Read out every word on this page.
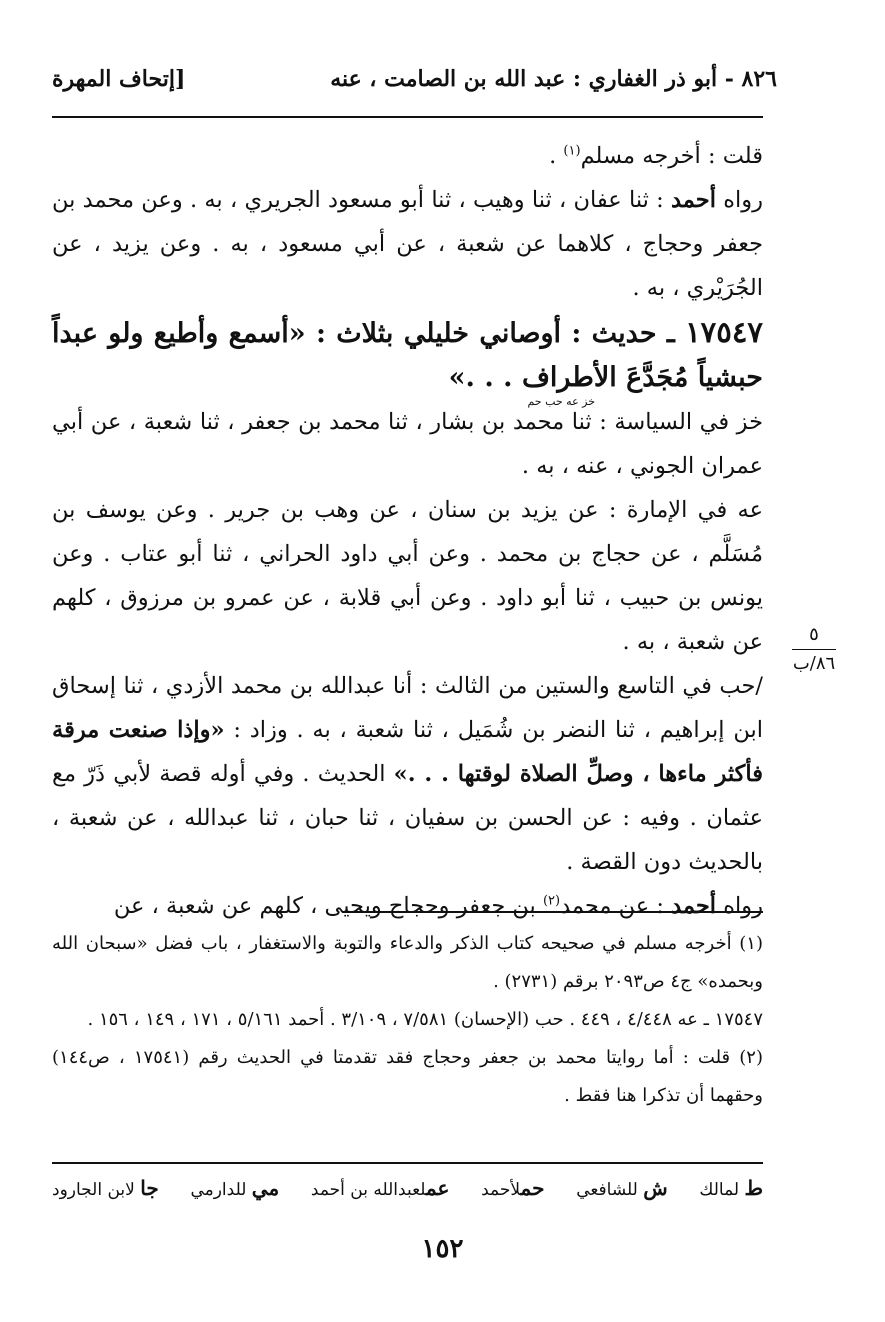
٨٢٦ - أبو ذر الغفاري : عبد الله بن الصامت ، عنه
[إتحاف المهرة

قلت : أخرجه مسلم$^{(١)}$ .

رواه أحمد : ثنا عفان ، ثنا وهيب ، ثنا أبو مسعود الجريري ، به . وعن محمد بن جعفر وحجاج ، كلاهما عن شعبة ، عن أبي مسعود ، به . وعن يزيد ، عن الجُرَيْري ، به .

١٧٥٤٧ ـ حديث : أوصاني خليلي بثلاث : «أسمع وأطيع ولو عبداً حبشياً مُجَدَّعَ الأطراف . . .»
خز عه حب حم

خز في السياسة : ثنا محمد بن بشار ، ثنا محمد بن جعفر ، ثنا شعبة ، عن أبي عمران الجوني ، عنه ، به .

عه في الإمارة : عن يزيد بن سنان ، عن وهب بن جرير . وعن يوسف بن مُسَلَّم ، عن حجاج بن محمد . وعن أبي داود الحراني ، ثنا أبو عتاب . وعن يونس بن حبيب ، ثنا أبو داود . وعن أبي قلابة ، عن عمرو بن مرزوق ، كلهم عن شعبة ، به .

/حب في التاسع والستين من الثالث : أنا عبدالله بن محمد الأزدي ، ثنا إسحاق ابن إبراهيم ، ثنا النضر بن شُمَيل ، ثنا شعبة ، به . وزاد : «وإذا صنعت مرقة فأكثر ماءها ، وصلِّ الصلاة لوقتها . . .» الحديث . وفي أوله قصة لأبي ذَرّ مع عثمان . وفيه : عن الحسن بن سفيان ، ثنا حبان ، ثنا عبدالله ، عن شعبة ، بالحديث دون القصة .

رواه أحمد : عن محمد$^{(٢)}$ بن جعفر وحجاج ويحيى ، كلهم عن شعبة ، عن

٥
٨٦/ب

(١) أخرجه مسلم في صحيحه كتاب الذكر والدعاء والتوبة والاستغفار ، باب فضل «سبحان الله وبحمده» ج٤ ص٢٠٩٣ برقم (٢٧٣١) .

١٧٥٤٧ ـ عه ٤/٤٤٨ ، ٤٤٩ . حب (الإحسان) ٧/٥٨١ ، ٣/١٠٩ . أحمد ٥/١٦١ ، ١٧١ ، ١٤٩ ، ١٥٦ .

(٢) قلت : أما روايتا محمد بن جعفر وحجاج فقد تقدمتا في الحديث رقم (١٧٥٤١ ، ص١٤٤) وحقهما أن تذكرا هنا فقط .

ط لمالك
ش للشافعي
حملأحمد
عملعبدالله بن أحمد
مي للدارمي
جا لابن الجارود
١٥٢
